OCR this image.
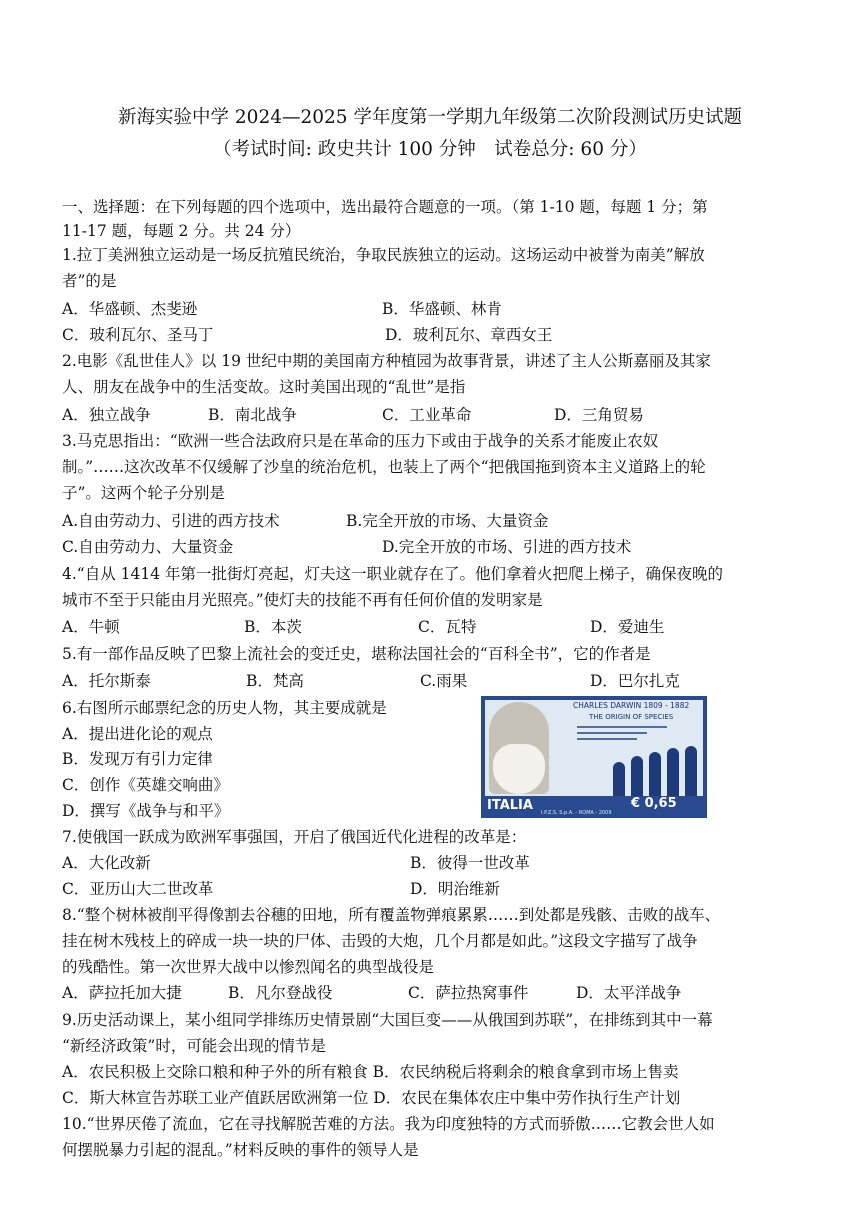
新海实验中学 2024—2025 学年度第一学期九年级第二次阶段测试历史试题
（考试时间: 政史共计 100 分钟　试卷总分: 60 分）
一、选择题：在下列每题的四个选项中，选出最符合题意的一项。（第 1-10 题，每题 1 分；第
11-17 题，每题 2 分。共 24 分）
1.拉丁美洲独立运动是一场反抗殖民统治，争取民族独立的运动。这场运动中被誉为南美”解放
者”的是
A．华盛顿、杰斐逊	B．华盛顿、林肯
C．玻利瓦尔、圣马丁	D．玻利瓦尔、章西女王
2.电影《乱世佳人》以 19 世纪中期的美国南方种植园为故事背景，讲述了主人公斯嘉丽及其家
人、朋友在战争中的生活变故。这时美国出现的“乱世”是指
A．独立战争	B．南北战争	C．工业革命	D．三角贸易
3.马克思指出：“欧洲一些合法政府只是在革命的压力下或由于战争的关系才能废止农奴
制。”……这次改革不仅缓解了沙皇的统治危机，也装上了两个“把俄国拖到资本主义道路上的轮
子”。这两个轮子分别是
A.自由劳动力、引进的西方技术	B.完全开放的市场、大量资金
C.自由劳动力、大量资金	D.完全开放的市场、引进的西方技术
4.“自从 1414 年第一批街灯亮起，灯夫这一职业就存在了。他们拿着火把爬上梯子，确保夜晚的
城市不至于只能由月光照亮。”使灯夫的技能不再有任何价值的发明家是
A．牛顿	B．本茨	C．瓦特	D．爱迪生
5.有一部作品反映了巴黎上流社会的变迁史，堪称法国社会的“百科全书”，它的作者是
A．托尔斯泰	B．梵高	C.雨果	D．巴尔扎克
6.右图所示邮票纪念的历史人物，其主要成就是
A．提出进化论的观点
B．发现万有引力定律
C．创作《英雄交响曲》
D．撰写《战争与和平》
CHARLES DARWIN 1809 - 1882
THE ORIGIN OF SPECIES
ITALIA	€ 0,65
I.P.Z.S. S.p.A. - ROMA - 2009
7.使俄国一跃成为欧洲军事强国，开启了俄国近代化进程的改革是：
A．大化改新	B．彼得一世改革
C．亚历山大二世改革	D．明治维新
8.“整个树林被削平得像割去谷穗的田地，所有覆盖物弹痕累累……到处都是残骸、击败的战车、
挂在树木残枝上的碎成一块一块的尸体、击毁的大炮，几个月都是如此。”这段文字描写了战争
的残酷性。第一次世界大战中以惨烈闻名的典型战役是
A．萨拉托加大捷	B．凡尔登战役	C．萨拉热窝事件	D．太平洋战争
9.历史活动课上，某小组同学排练历史情景剧“大国巨变——从俄国到苏联”，在排练到其中一幕
“新经济政策”时，可能会出现的情节是
A．农民积极上交除口粮和种子外的所有粮食 B．农民纳税后将剩余的粮食拿到市场上售卖
C．斯大林宣告苏联工业产值跃居欧洲第一位 D．农民在集体农庄中集中劳作执行生产计划
10.“世界厌倦了流血，它在寻找解脱苦难的方法。我为印度独特的方式而骄傲……它教会世人如
何摆脱暴力引起的混乱。”材料反映的事件的领导人是
